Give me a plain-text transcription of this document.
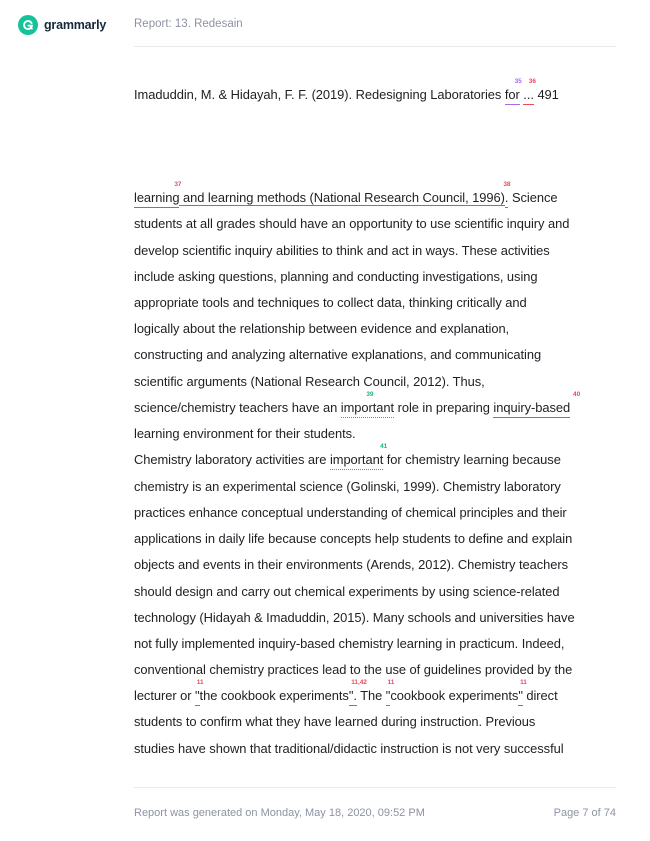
grammarly Report: 13. Redesain
Imaduddin, M. & Hidayah, F. F. (2019). Redesigning Laboratories for
35
...
36
491
learning
37
and learning methods (National Research Council, 1996).
38
Science
students at all grades should have an opportunity to use scientific inquiry and
develop scientific inquiry abilities to think and act in ways. These activities
include asking questions, planning and conducting investigations, using
appropriate tools and techniques to collect data, thinking critically and
logically about the relationship between evidence and explanation,
constructing and analyzing alternative explanations, and communicating
scientific arguments (National Research Council, 2012). Thus,
science/chemistry teachers have an important
39
role in preparing inquiry-based
40
learning environment for their students.
Chemistry laboratory activities are important
41
for chemistry learning because
chemistry is an experimental science (Golinski, 1999). Chemistry laboratory
practices enhance conceptual understanding of chemical principles and their
applications in daily life because concepts help students to define and explain
objects and events in their environments (Arends, 2012). Chemistry teachers
should design and carry out chemical experiments by using science-related
technology (Hidayah & Imaduddin, 2015). Many schools and universities have
not fully implemented inquiry-based chemistry learning in practicum. Indeed,
conventional chemistry practices lead to the use of guidelines provided by the
lecturer or "
11
the cookbook experiments".
11,42
The "
11
cookbook experiments"
11
direct
students to confirm what they have learned during instruction. Previous
studies have shown that traditional/didactic instruction is not very successful
Report was generated on Monday, May 18, 2020, 09:52 PM	Page 7 of 74
